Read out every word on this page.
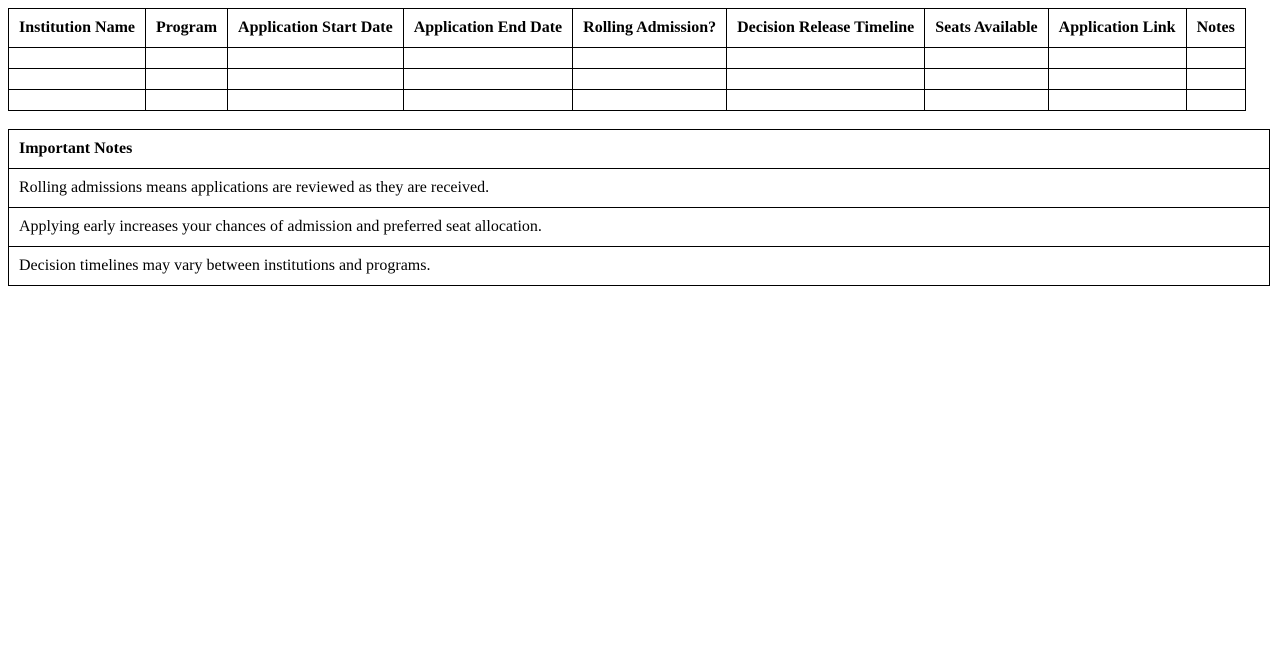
Institution Name	Program	Application Start Date	Application End Date	Rolling Admission?	Decision Release Timeline	Seats Available	Application Link	Notes

Important Notes
Rolling admissions means applications are reviewed as they are received.
Applying early increases your chances of admission and preferred seat allocation.
Decision timelines may vary between institutions and programs.
